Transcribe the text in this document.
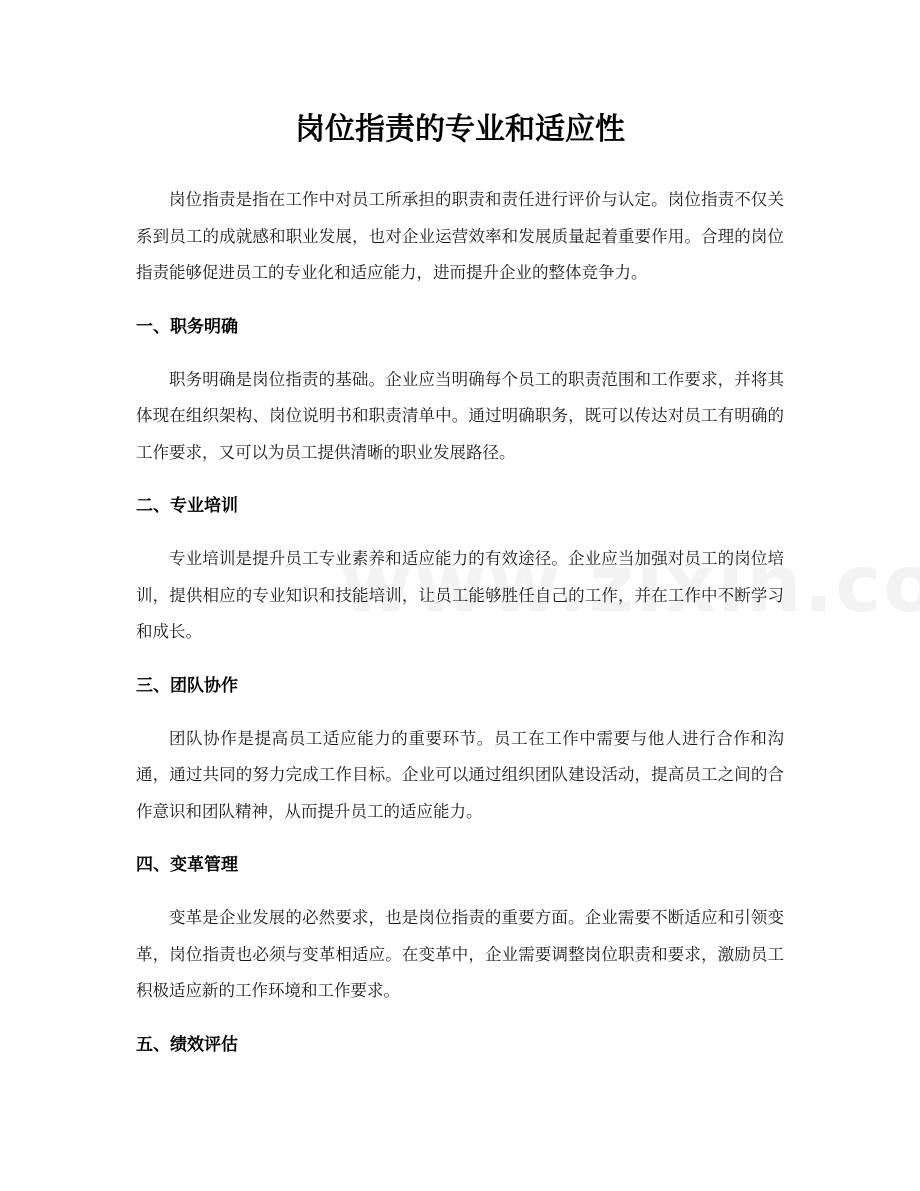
岗位指责的专业和适应性

岗位指责是指在工作中对员工所承担的职责和责任进行评价与认定。岗位指责不仅关系到员工的成就感和职业发展，也对企业运营效率和发展质量起着重要作用。合理的岗位指责能够促进员工的专业化和适应能力，进而提升企业的整体竞争力。

一、职务明确

职务明确是岗位指责的基础。企业应当明确每个员工的职责范围和工作要求，并将其体现在组织架构、岗位说明书和职责清单中。通过明确职务，既可以传达对员工有明确的工作要求，又可以为员工提供清晰的职业发展路径。

二、专业培训

专业培训是提升员工专业素养和适应能力的有效途径。企业应当加强对员工的岗位培训，提供相应的专业知识和技能培训，让员工能够胜任自己的工作，并在工作中不断学习和成长。

三、团队协作

团队协作是提高员工适应能力的重要环节。员工在工作中需要与他人进行合作和沟通，通过共同的努力完成工作目标。企业可以通过组织团队建设活动，提高员工之间的合作意识和团队精神，从而提升员工的适应能力。

四、变革管理

变革是企业发展的必然要求，也是岗位指责的重要方面。企业需要不断适应和引领变革，岗位指责也必须与变革相适应。在变革中，企业需要调整岗位职责和要求，激励员工积极适应新的工作环境和工作要求。

五、绩效评估
